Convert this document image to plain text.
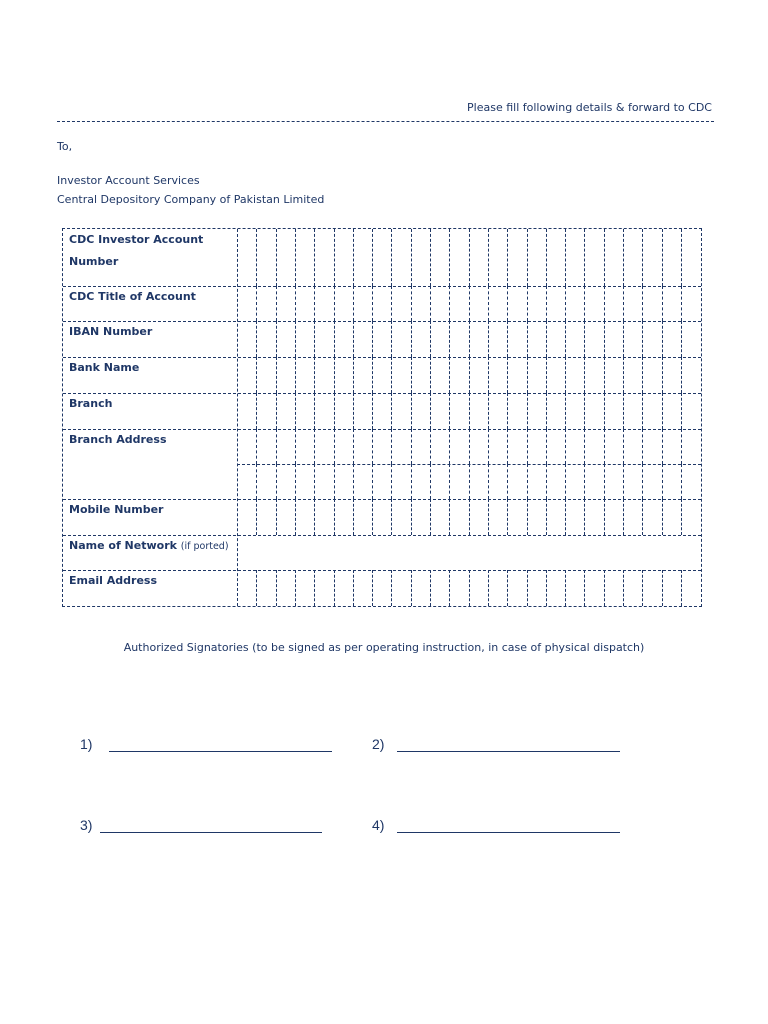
Please fill following details & forward to CDC
To,
Investor Account Services
Central Depository Company of Pakistan Limited
CDC Investor Account Number
CDC Title of Account
IBAN Number
Bank Name
Branch
Branch Address
Mobile Number
Name of Network (if ported)
Email Address
Authorized Signatories (to be signed as per operating instruction, in case of physical dispatch)
1)	2)
3)	4)
